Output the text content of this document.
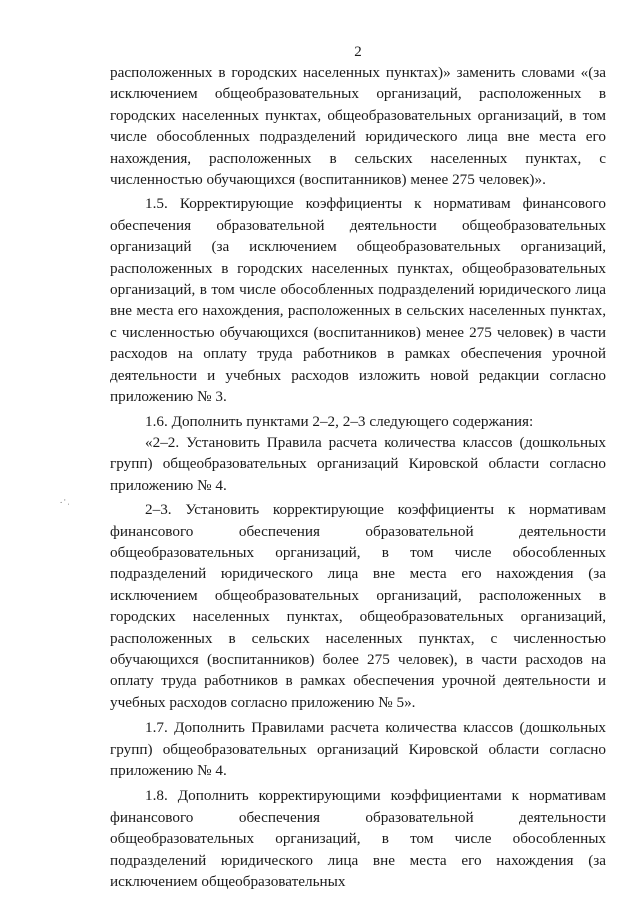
2
.·ˌ

расположенных в городских населенных пунктах)» заменить словами «(за исключением общеобразовательных организаций, расположенных в городских населенных пунктах, общеобразовательных организаций, в том числе обособленных подразделений юридического лица вне места его нахождения, расположенных в сельских населенных пунктах, с численностью обучающихся (воспитанников) менее 275 человек)».

1.5. Корректирующие коэффициенты к нормативам финансового обеспечения образовательной деятельности общеобразовательных организаций (за исключением общеобразовательных организаций, расположенных в городских населенных пунктах, общеобразовательных организаций, в том числе обособленных подразделений юридического лица вне места его нахождения, расположенных в сельских населенных пунктах, с численностью обучающихся (воспитанников) менее 275 человек) в части расходов на оплату труда работников в рамках обеспечения урочной деятельности и учебных расходов изложить новой редакции согласно приложению № 3.

1.6. Дополнить пунктами 2–2, 2–3 следующего содержания:

«2–2. Установить Правила расчета количества классов (дошкольных групп) общеобразовательных организаций Кировской области согласно приложению № 4.

2–3. Установить корректирующие коэффициенты к нормативам финансового обеспечения образовательной деятельности общеобразовательных организаций, в том числе обособленных подразделений юридического лица вне места его нахождения (за исключением общеобразовательных организаций, расположенных в городских населенных пунктах, общеобразовательных организаций, расположенных в сельских населенных пунктах, с численностью обучающихся (воспитанников) более 275 человек), в части расходов на оплату труда работников в рамках обеспечения урочной деятельности и учебных расходов согласно приложению № 5».

1.7. Дополнить Правилами расчета количества классов (дошкольных групп) общеобразовательных организаций Кировской области согласно приложению № 4.

1.8. Дополнить корректирующими коэффициентами к нормативам финансового обеспечения образовательной деятельности общеобразовательных организаций, в том числе обособленных подразделений юридического лица вне места его нахождения (за исключением общеобразовательных
